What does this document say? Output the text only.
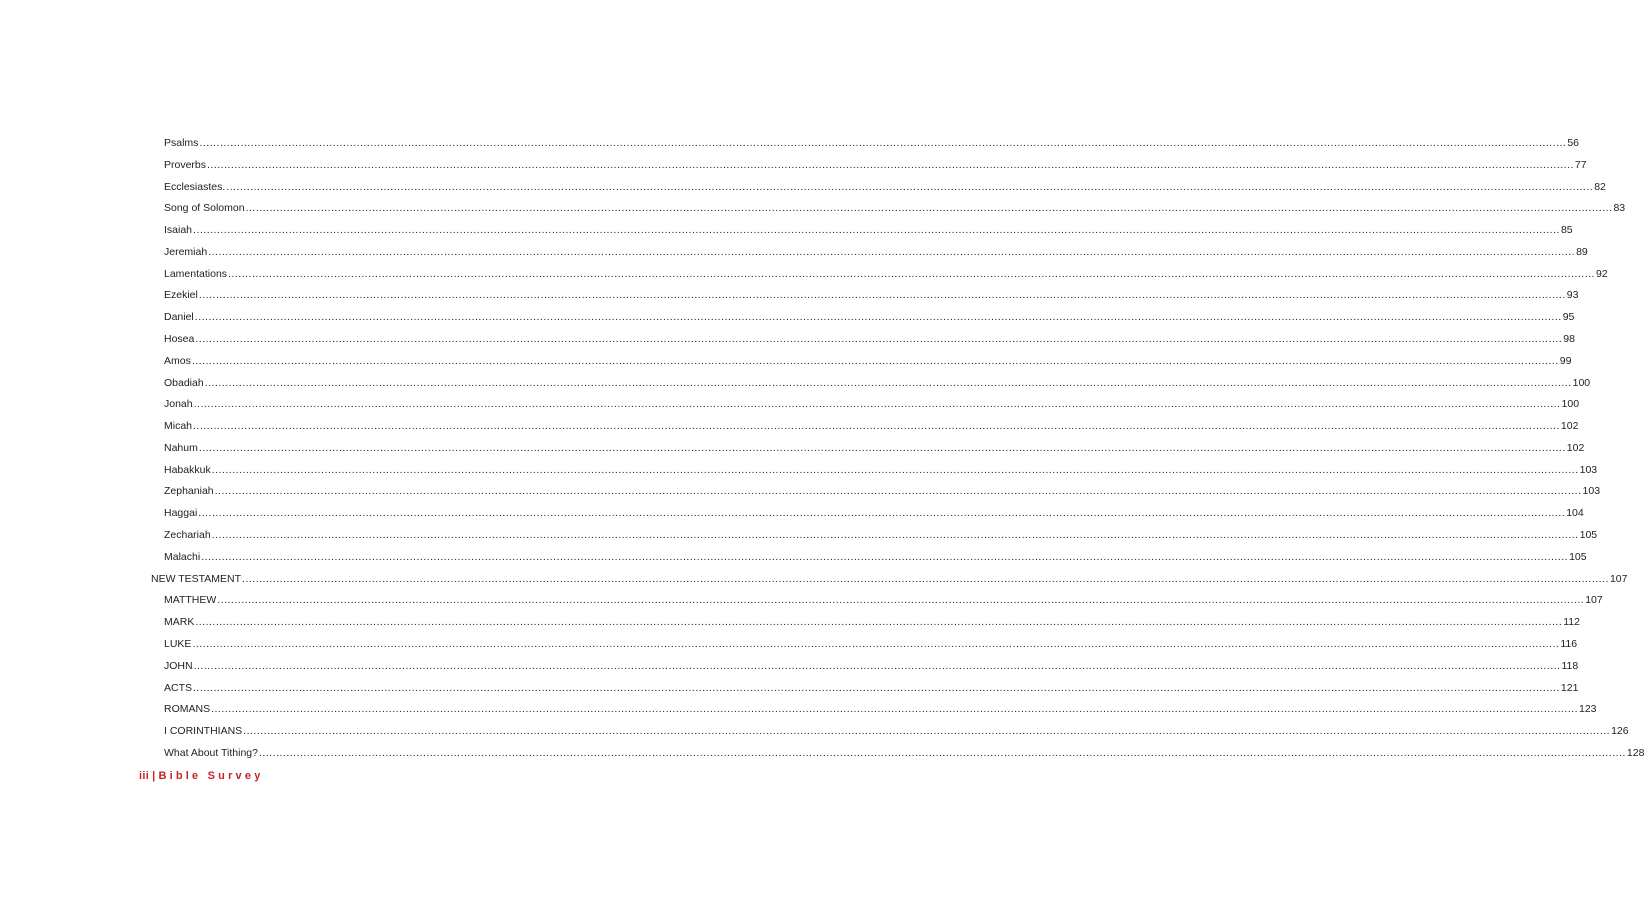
Psalms ................................................................................................................................................................................................................................................................................................................................................................................................................ 56
Proverbs ................................................................................................................................................................................................................................................................................................................................................................................................................ 77
Ecclesiastes. ................................................................................................................................................................................................................................................................................................................................................................................................................ 82
Song of Solomon ................................................................................................................................................................................................................................................................................................................................................................................................................ 83
Isaiah ................................................................................................................................................................................................................................................................................................................................................................................................................ 85
Jeremiah ................................................................................................................................................................................................................................................................................................................................................................................................................ 89
Lamentations ................................................................................................................................................................................................................................................................................................................................................................................................................ 92
Ezekiel ................................................................................................................................................................................................................................................................................................................................................................................................................ 93
Daniel ................................................................................................................................................................................................................................................................................................................................................................................................................ 95
Hosea ................................................................................................................................................................................................................................................................................................................................................................................................................ 98
Amos ................................................................................................................................................................................................................................................................................................................................................................................................................ 99
Obadiah ................................................................................................................................................................................................................................................................................................................................................................................................................ 100
Jonah ................................................................................................................................................................................................................................................................................................................................................................................................................ 100
Micah ................................................................................................................................................................................................................................................................................................................................................................................................................ 102
Nahum ................................................................................................................................................................................................................................................................................................................................................................................................................ 102
Habakkuk ................................................................................................................................................................................................................................................................................................................................................................................................................ 103
Zephaniah ................................................................................................................................................................................................................................................................................................................................................................................................................ 103
Haggai ................................................................................................................................................................................................................................................................................................................................................................................................................ 104
Zechariah ................................................................................................................................................................................................................................................................................................................................................................................................................ 105
Malachi ................................................................................................................................................................................................................................................................................................................................................................................................................ 105
NEW TESTAMENT ................................................................................................................................................................................................................................................................................................................................................................................................................ 107
MATTHEW ................................................................................................................................................................................................................................................................................................................................................................................................................ 107
MARK ................................................................................................................................................................................................................................................................................................................................................................................................................ 112
LUKE ................................................................................................................................................................................................................................................................................................................................................................................................................ 116
JOHN ................................................................................................................................................................................................................................................................................................................................................................................................................ 118
ACTS ................................................................................................................................................................................................................................................................................................................................................................................................................ 121
ROMANS ................................................................................................................................................................................................................................................................................................................................................................................................................ 123
I CORINTHIANS ................................................................................................................................................................................................................................................................................................................................................................................................................ 126
What About Tithing? ................................................................................................................................................................................................................................................................................................................................................................................................................ 128
iii | Bible Survey
